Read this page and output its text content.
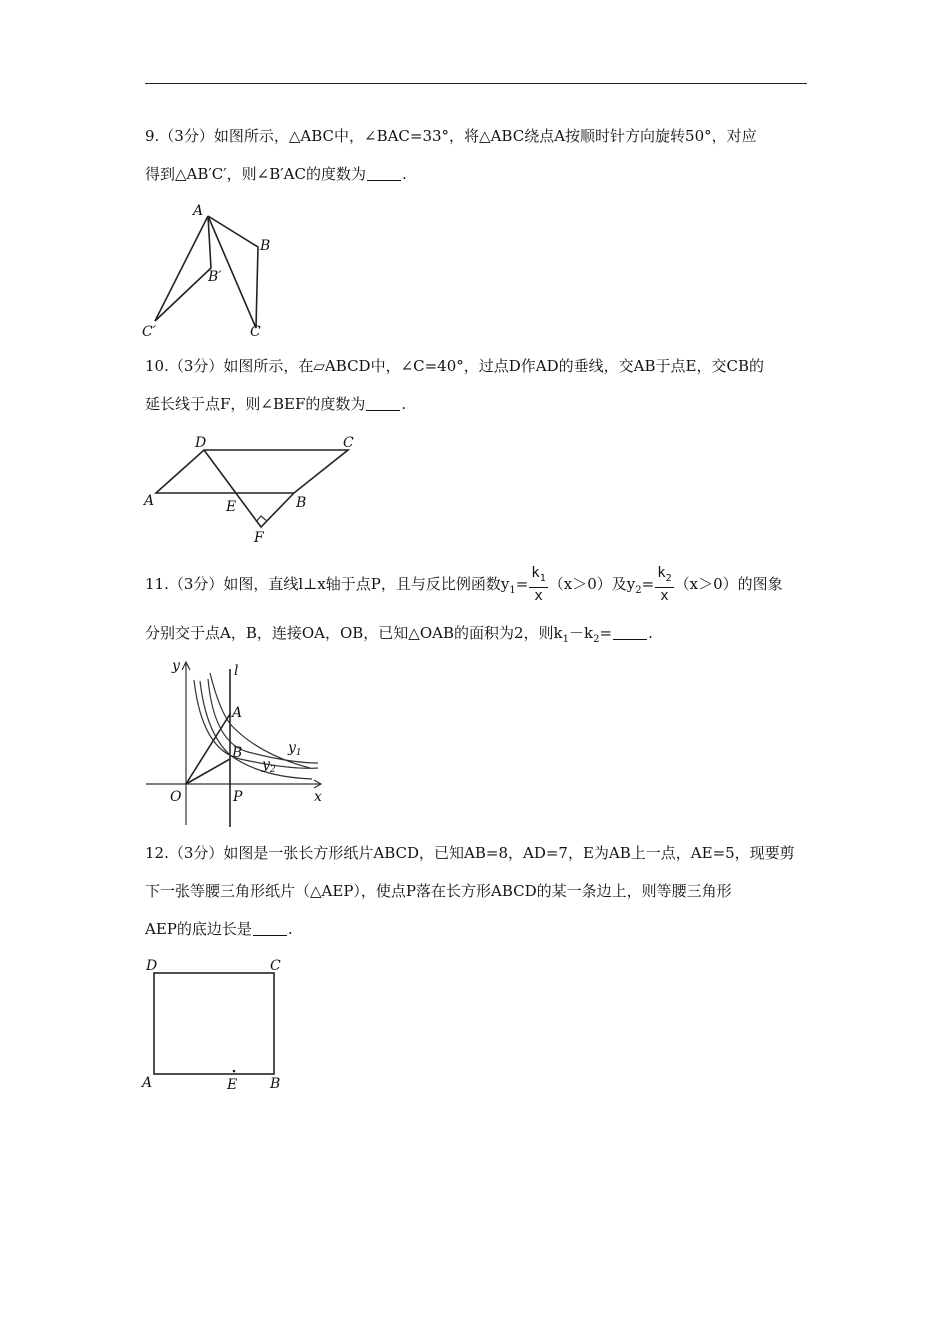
9.（3分）如图所示，△ABC中，∠BAC=33°，将△ABC绕点A按顺时针方向旋转50°，对应
得到△AB′C′，则∠B′AC的度数为 .
A
B
B′
C
C′
10.（3分）如图所示，在▱ABCD中，∠C=40°，过点D作AD的垂线，交AB于点E，交CB的
延长线于点F，则∠BEF的度数为 .
D	C
A	E	B
F
11.（3分）如图，直线l⊥x轴于点P，且与反比例函数$y_1= \frac{k_1}{x} (x>0)$及$y_2= \frac{k_2}{x} (x>0)$的图象
分别交于点A，B，连接OA，OB，已知△OAB的面积为2，则$k_1-k_2=$ .
y	l
A
B	$y_1$
$y_2$
O	P	x
12.（3分）如图是一张长方形纸片ABCD，已知AB=8，AD=7，E为AB上一点，AE=5，现要剪
下一张等腰三角形纸片（△AEP），使点P落在长方形ABCD的某一条边上，则等腰三角形
AEP的底边长是 .
D	C
A	E B
